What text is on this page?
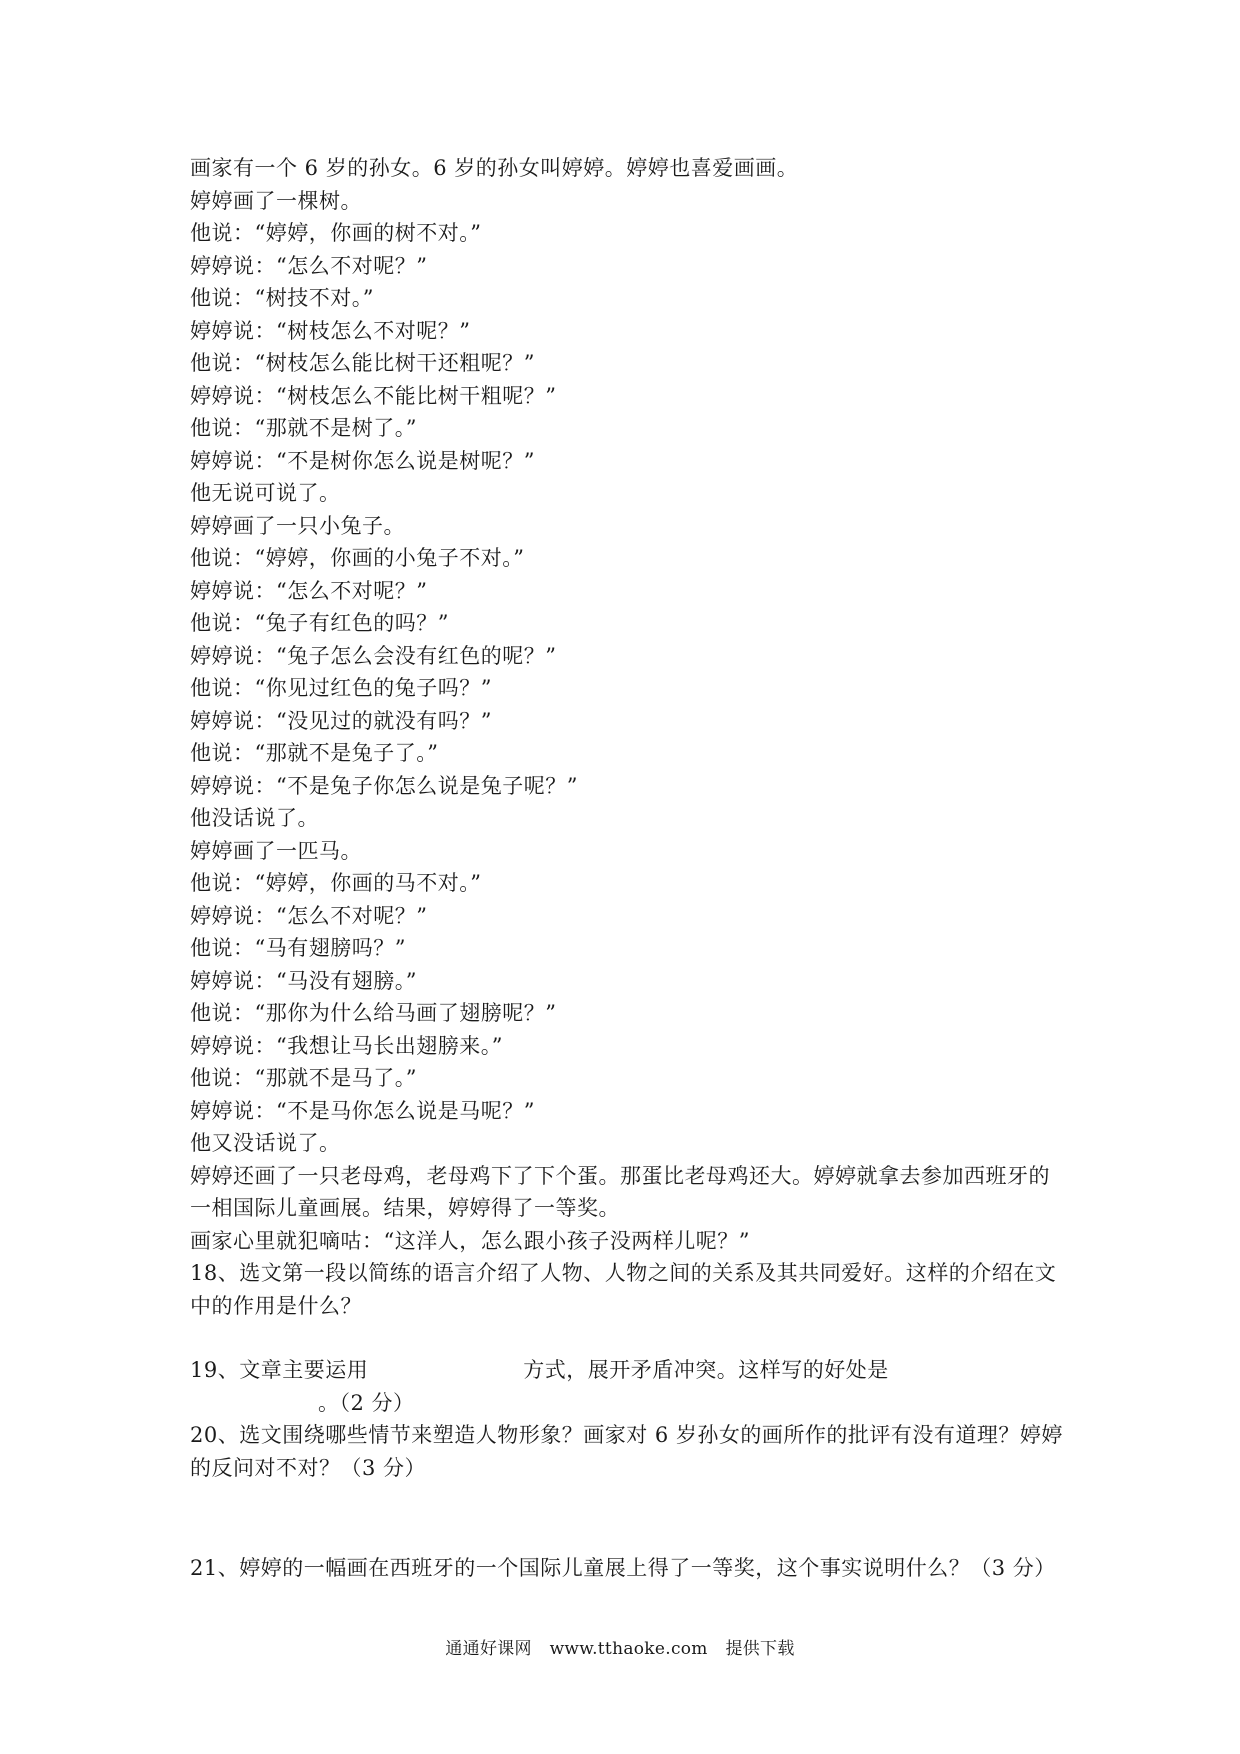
画家有一个 6 岁的孙女。6 岁的孙女叫婷婷。婷婷也喜爱画画。
婷婷画了一棵树。
他说：“婷婷，你画的树不对。”
婷婷说：“怎么不对呢？”
他说：“树技不对。”
婷婷说：“树枝怎么不对呢？”
他说：“树枝怎么能比树干还粗呢？”
婷婷说：“树枝怎么不能比树干粗呢？”
他说：“那就不是树了。”
婷婷说：“不是树你怎么说是树呢？”
他无说可说了。
婷婷画了一只小兔子。
他说：“婷婷，你画的小兔子不对。”
婷婷说：“怎么不对呢？”
他说：“兔子有红色的吗？”
婷婷说：“兔子怎么会没有红色的呢？”
他说：“你见过红色的兔子吗？”
婷婷说：“没见过的就没有吗？”
他说：“那就不是兔子了。”
婷婷说：“不是兔子你怎么说是兔子呢？”
他没话说了。
婷婷画了一匹马。
他说：“婷婷，你画的马不对。”
婷婷说：“怎么不对呢？”
他说：“马有翅膀吗？”
婷婷说：“马没有翅膀。”
他说：“那你为什么给马画了翅膀呢？”
婷婷说：“我想让马长出翅膀来。”
他说：“那就不是马了。”
婷婷说：“不是马你怎么说是马呢？”
他又没话说了。
婷婷还画了一只老母鸡，老母鸡下了下个蛋。那蛋比老母鸡还大。婷婷就拿去参加西班牙的
一相国际儿童画展。结果，婷婷得了一等奖。
画家心里就犯嘀咕：“这洋人，怎么跟小孩子没两样儿呢？”
18、选文第一段以简练的语言介绍了人物、人物之间的关系及其共同爱好。这样的介绍在文
中的作用是什么？
19、文章主要运用	方式，展开矛盾冲突。这样写的好处是
。（2 分）
20、选文围绕哪些情节来塑造人物形象？画家对 6 岁孙女的画所作的批评有没有道理？婷婷
的反问对不对？（3 分）
21、婷婷的一幅画在西班牙的一个国际儿童展上得了一等奖，这个事实说明什么？（3 分）
通通好课网 www.tthaoke.com 提供下载
